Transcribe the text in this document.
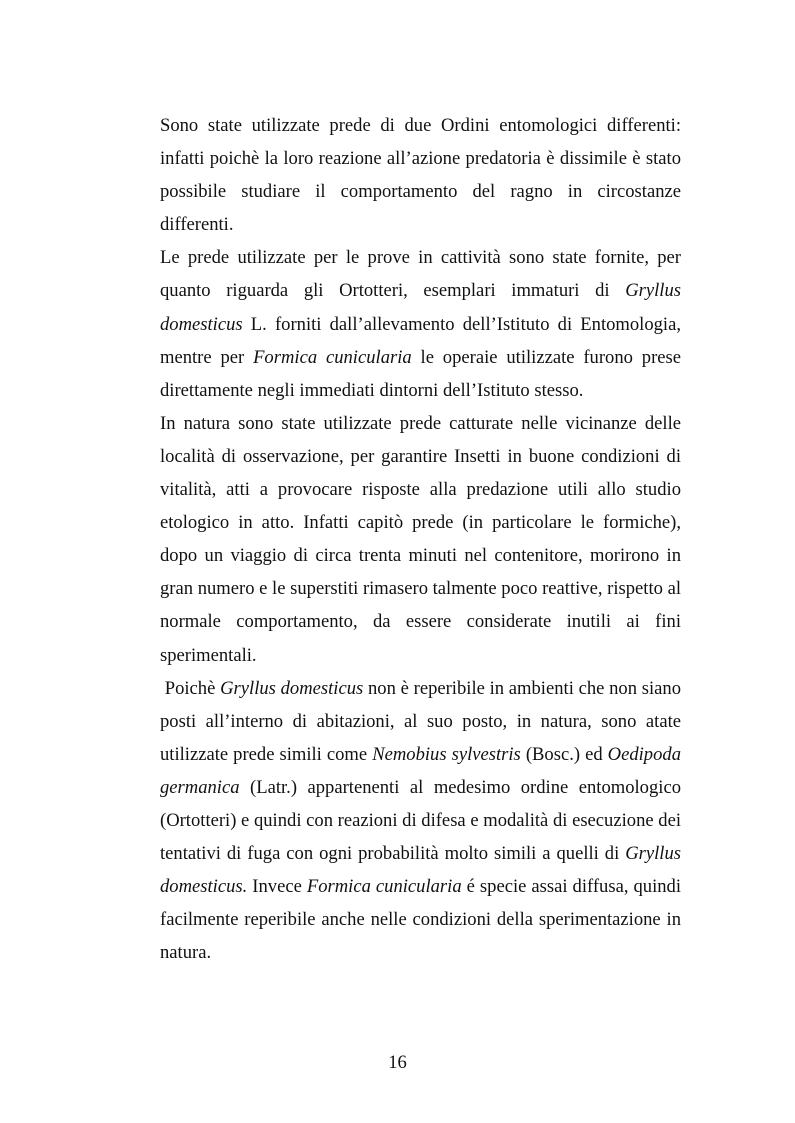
Sono state utilizzate prede di due Ordini entomologici differenti: infatti poichè la loro reazione all’azione predatoria è dissimile è stato possibile studiare il comportamento del ragno in circostanze differenti.

Le prede utilizzate per le prove in cattività sono state fornite, per quanto riguarda gli Ortotteri, esemplari immaturi di Gryllus domesticus L. forniti dall’allevamento dell’Istituto di Entomologia, mentre per Formica cunicularia le operaie utilizzate furono prese direttamente negli immediati dintorni dell’Istituto stesso.

In natura sono state utilizzate prede catturate nelle vicinanze delle località di osservazione, per garantire Insetti in buone condizioni di vitalità, atti a provocare risposte alla predazione utili allo studio etologico in atto. Infatti capitò prede (in particolare le formiche), dopo un viaggio di circa trenta minuti nel contenitore, morirono in gran numero e le superstiti rimasero talmente poco reattive, rispetto al normale comportamento, da essere considerate inutili ai fini sperimentali.

Poichè Gryllus domesticus non è reperibile in ambienti che non siano posti all’interno di abitazioni, al suo posto, in natura, sono atate utilizzate prede simili come Nemobius sylvestris (Bosc.) ed Oedipoda germanica (Latr.) appartenenti al medesimo ordine entomologico (Ortotteri) e quindi con reazioni di difesa e modalità di esecuzione dei tentativi di fuga con ogni probabilità molto simili a quelli di Gryllus domesticus. Invece Formica cunicularia é specie assai diffusa, quindi facilmente reperibile anche nelle condizioni della sperimentazione in natura.

16
